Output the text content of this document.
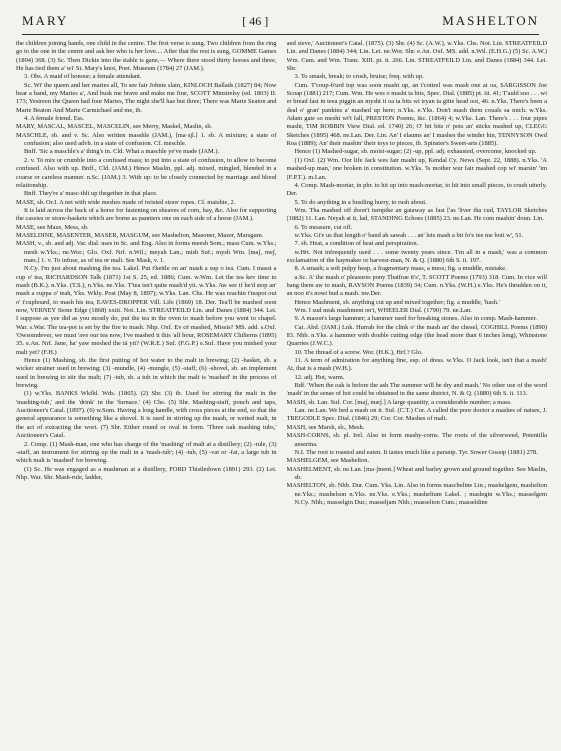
MARY	[ 46 ]	MASHELTON

the children joining hands, one child in the centre. The first verse is sung. Two children from the ring go to the one in the centre and ask her who is her love.... After that the rest is sung, GOMME Games (1894) 368. (3) Sc. Then Dickie into the stable is gane,— Where there stood thirty horses and three, He has tied them a' wi' St. Mary's knot, Poet. Museum (1784) 27 (JAM.).

3. Obs. A maid of honour; a female attendant.

Sc. Wi' the queen and her maries all, To see fair Johnie slain, KINLOCH Ballads (1827) 84; Now bear a hand, my Maries a', And busk me brave and make me fine, SCOTT Minstrelsy (ed. 1803) II. 173; Yestreen the Queen had four Maries, The night she'll hae but three; There was Marie Seaton and Marie Beaton And Marie Carmichael and me, ib.

4. A female friend. Ess.

MARY, MASCAL, MASCEL, MASCELIN, see Merry, Maskel, Maslin, sb.

MASCHLE, sb. and v. Sc. Also written masshle (JAM.), [ma·sjl.] 1. sb. A mixture; a state of confusion; also used advb. in a state of confusion. Cf. meschle.

Bnff. 'Sic a maschle's a' thing's in. Cld. What a maschle ye've made (JAM.).

2. v. To mix or crumble into a confused mass; to put into a state of confusion, to allow to become confused. Also with up. Bnff., Cld. (JAM.) Hence Maslin, ppl. adj. mixed, mingled, blended in a coarse or careless manner. n.Sc. (JAM.) 3. With up: to be closely connected by marriage and blood relationship.

Bnff. They're a' masc-thlt up thegether in that place.

MASE, sb. Or.I. A net with wide meshes made of twisted straw ropes. Cf. maishie, 2.

It is laid across the back of a horse for fastening on sheaves of corn, hay, &c. Also for supporting the cassies or straw-baskets which are borne as panniers one on each side of a horse (JAM.).

MASE, see Maze, Mess, sb.

MASELDINE, MASENTER, MASER, MASGUM, see Mashelton, Masoner, Mazer, Marsgum.

MASH, v., sb. and adj. Var. dial. uses in Sc. and Eng. Also in forms meesh Som.; mass Cum. w.Yks.; mesh w.Yks.; ne.Wor.; Glo. Oxf. Nrf. n.Wil.; meyah Lan.; mish Suf.; mysh Wm. [maʃ, meʃ, mæs.] 1. v. To infuse, as of tea or malt. See Mask, v. 1.

N.Cy. I'm just about mashing the tea. Lakel. Put t'kettle on an' mash a sup o tea. Cum. I masst a cup o' tea, RICHARDSON Talk (1871) 1st S. 25, ed. 1886; Cum. w.Wm. Let the tea kev time to mash (B.K.). n.Yks. (T.S.), n.Yks. ne.Yks. T'tea isn't quite mash'd yit. w.Yks. Aw see if he'd stop an' mash a cuppa o' teah, Yks. Wkly. Post (May 8, 1897); w.Yks. Lan. Chs. He was reachin t'teapot out o' t'cupboard, to mash his tea, EAVES-DROPPER Vill. Life (1869) 18. Der. Tea'll be mashed soon now, VERNEY Stone Edge (1868) xxiii. Not. Lin. STREATFEILD Lin. and Danes (1884) 344. Lei. I suppose as yee did as you mostly do, put the tea in the oven to mash before you went to chapel. War. s.War. The tea-pot is set by the fire to mash. Nhp. Oxf. Ev cē mashed, Missis? MS. add. s.Oxf. 'Owsomdever, we must 'ave our tea now, I've mashed it this 'alf hour, ROSEMARY Chilterns (1895) 35. e.An. Nrf. Jane, ha' yaw meshed the tā yit? (W.R.E.) Suf. (F.G.P.) e.Suf. Have you mished your malt yet? (F.H.)

Hence (1) Mashing, sb. the first putting of hot water to the malt in brewing; (2) -basket, sb. a wicker strainer used in brewing; (3) -mundle, (4) -mungle, (5) -staff, (6) -shovel, sb. an implement used in brewing to stir the malt; (7) -tub, sb. a tub in which the malt is 'mashed' in the process of brewing.

(1) w.Yks. BANKS Wkfld. Wds. (1865). (2) Shr. (3) ib. Used for stirring the malt in the 'mashing-tub,' and the 'drink' in the 'furnace.' (4) Chs. (5) Shr. Mashing-staff, pouch and taps, Auctioneer's Catal. (1897). (6) w.Som. Having a long handle, with cross pieces at the end, so that the general appearance is something like a shovel. It is used in stirring up the mash, or wetted malt, in the act of extracting the wort. (7) Shr. Either round or oval in form. 'Three oak mashing tubs,' Auctioneer's Catal.

2. Comp. (1) Mash-man, one who has charge of the 'mashing' of malt at a distillery; (2) -rule, (3) -staff, an instrument for stirring up the malt in a 'mash-tub'; (4) -tub, (5) -vat or -fat, a large tub in which malt is 'mashed' for brewing.

(1) Sc. He was engaged as a mashman at a distillery, FORD Thistledown (1891) 293. (2) Lei. Nhp. War. Shr. Mash-rule, ladder,

and sieve,' Auctioneer's Catal. (1875). (3) Shr. (4) Sc. (A.W.), w.Yks. Chs. Not. Lin. STREATFEILD Lin. and Danes (1884) 344; Lin. Lei. ne.Wor. Shr. e.An. Oxf. MS. add. n.Wil. (E.H.G.) (5) Sc. A.W.) Wm. Cum. and Wm. Trans. XIII. pt. ii. 266. Lin. STREATFEILD Lin. and Danes (1884) 344. Lei. Shr.

3. To smash, break; to crush, bruise; freq. with up.

Cum. T'coup-b'urd top was soon masht up, an t'cottrel was mash one at oa, SARGISSON Joe Scoap (1881) 217; Cum. Wm. He wes o masht ta bits, Spec. Dial. (1885) pt. iii. 41; T'auld soo . . . wi er bread fast in teea piggin an mysht it oa ta bits wi tryan ta gitte head oot, 46. n.Yks. There's been a deal o' gran' pankins a' mashed up here; n.Yks. e.Yks. Don't mash them couals sa mich. w.Yks. Adam gate so mesht wi't fall, PRESTON Poems, &c. (1864) 4; w.Yks. Lan. There's . . . four pipes masht, TIM BOBBIN View Dial. ed. 1740) 26; O' bit bits o' pots an' sticks mashed up, CLEGG Sketches (1895) 468. ne.Lan. Der. Lin. An' I elaums an' I mashes the winder hin, TENNYSON Owd Roa (1889); An' their mashin' their toys to pieces, ib. Spinster's Sweet-arts (1885).

Hence (1) Mashed-sugar, sb. moist-sugar; (2) -up, ppl. adj. exhausted, overcome, knocked up.

(1) Oxf. (2) Wm. Oor life Jack wes fair masht up, Kendal Cy. News (Sept. 22, 1888). n.Yks. 'A mashed-up man,' one broken in constitution. w.Yks. 'Is mother wur fair mashed cop wi' marsin' 'im (F.P.T.). m.Lan.

4. Comp. Mash-mortar, in phr. to hit up into mash-mortar, to hit into small pieces, to crush utterly. Der.

5. To do anything in a bustling hurry, to rush about.

Wm. Tha mashed off doon't turnpike an gataway as fast ['as 'liver tha cud, TAYLOR Sketches (1882) 11. Lan. Neyah at it, lad, STANDING Echoes (1885) 23. ne.Lan. He com mashin' doun. Lin.

6. To measure, cut off.

w.Yks. Gi'e us that length o' band ah sawah . . . an' lets mash a bit fo'e tee me boit w', 51.

7. sb. Heat, a condition of heat and perspiration.

w.Hrt. Not infrequently used . . . some twenty years since. 'I'm all in a mash,' was a common exclamation of the haymaker or harvest-man, N. & Q. (1880) 6th S. ii. 197.

8. A smash; a soft pulpy heap, a fragmentary mass, a mess; fig. a muddle, mistake.

a.Sc. A' the mash o' pleasures pony Thatfrae it's', T. SCOTT Poems (1793) 318. Cum. In vice will bang them aw to mash, RAYSON Poems (1839) 34; Cum. n.Yks. (W.H.) e.Yks. He's thrudden on it, an noo it's nowt bud a mash. nw.Der.

Hence Mashment, sb. anything cut up and mixed together; fig. a muddle, 'hash.'

Wm. I sud neak mashment on't, WHEELER Dial. (1790) 79. ne.Lan.

9. A mason's large hammer; a hammer used for breaking stones. Also in comp. Mash-hammer.

Cai. Abd. (JAM.) Lnk. Hurrah for the clink o' the mash an' the chesel, COGHILL Poems (1890) 83. Nhb. n.Yks. a hammer with double cutting edge (the head more than 6 inches long), Whinstone Quarries (J.W.C.).

10. The thread of a screw. Wor. (H.K.), Hrf.? Glo.

11. A term of admiration for anything fine, esp. of dress. w.Yks. O Jack look, isn't that a mash! At, that is a mash (W.H.).

12. adj. Hot, warm.

Bdf. 'When the oak is before the ash The summer will be dry and mash.' No other use of the word 'mash' in the sense of hot could be obtained in the same district, N. & Q. (1880) 6th S. ii. 113.

MASH, sb. Lan. Suf. Cor. [maʃ, mæʃ.] A large quantity, a considerable number; a mass.

Lan. ne.Lan. We hed a mash on it. Suf. (C.T.) Cor. A called the poor doctor a mashes of naises, J. TREGODLE Spec. Dial. (1846) 29; Cor. Cor. Mashes of malt.

MASH, see Marsh, sb., Mesh.

MASH-CORNS, sb. pl. Irel. Also in form mashy-corns. The roots of the silverweed, Potentilla anserina.

N.I. The root is roasted and eaten. It tastes much like a parsnip. Tyr. Sower Gossip (1881) 278.

MASHELGEM, see Mashelton.

MASHELMENT, sb. ne.Lan. [ma·ʃment.] Wheat and barley grown and ground together. See Maslin, sb.

MASHELTON, sb. Nhb. Dur. Cum. Yks. Lin. Also in forms mascheline Lin.; mashelgem, mashelton ne.Yks.; mashelson n.Yks. ne.Yks. e.Yks.; masheltum Lakel. ; maslegin w.Yks.; masselgem N.Cy. Nhb.; masselgin Dur.; masseljam Nhb.; masselton Cum.; masseldine
